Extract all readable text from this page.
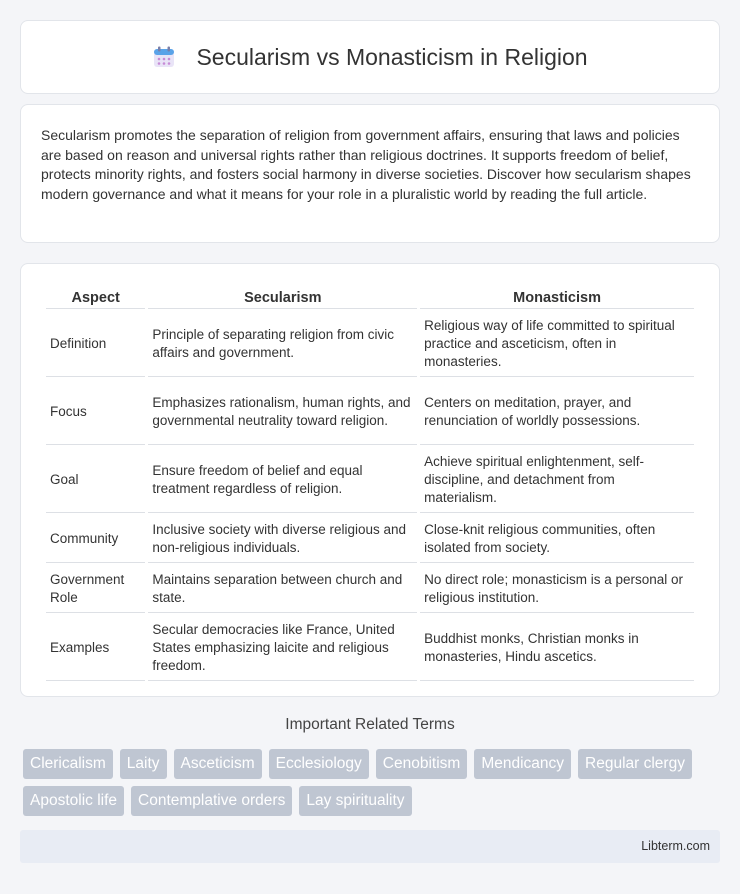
Secularism vs Monasticism in Religion

Secularism promotes the separation of religion from government affairs, ensuring that laws and policies are based on reason and universal rights rather than religious doctrines. It supports freedom of belief, protects minority rights, and fosters social harmony in diverse societies. Discover how secularism shapes modern governance and what it means for your role in a pluralistic world by reading the full article.

Aspect	Secularism	Monasticism
Definition	Principle of separating religion from civic affairs and government.	Religious way of life committed to spiritual practice and asceticism, often in monasteries.
Focus	Emphasizes rationalism, human rights, and governmental neutrality toward religion.	Centers on meditation, prayer, and renunciation of worldly possessions.
Goal	Ensure freedom of belief and equal treatment regardless of religion.	Achieve spiritual enlightenment, self-discipline, and detachment from materialism.
Community	Inclusive society with diverse religious and non-religious individuals.	Close-knit religious communities, often isolated from society.
Government Role	Maintains separation between church and state.	No direct role; monasticism is a personal or religious institution.
Examples	Secular democracies like France, United States emphasizing laicite and religious freedom.	Buddhist monks, Christian monks in monasteries, Hindu ascetics.
Important Related Terms
Clericalism	Laity	Asceticism	Ecclesiology	Cenobitism	Mendicancy	Regular clergy
Apostolic life	Contemplative orders	Lay spirituality
Libterm.com
